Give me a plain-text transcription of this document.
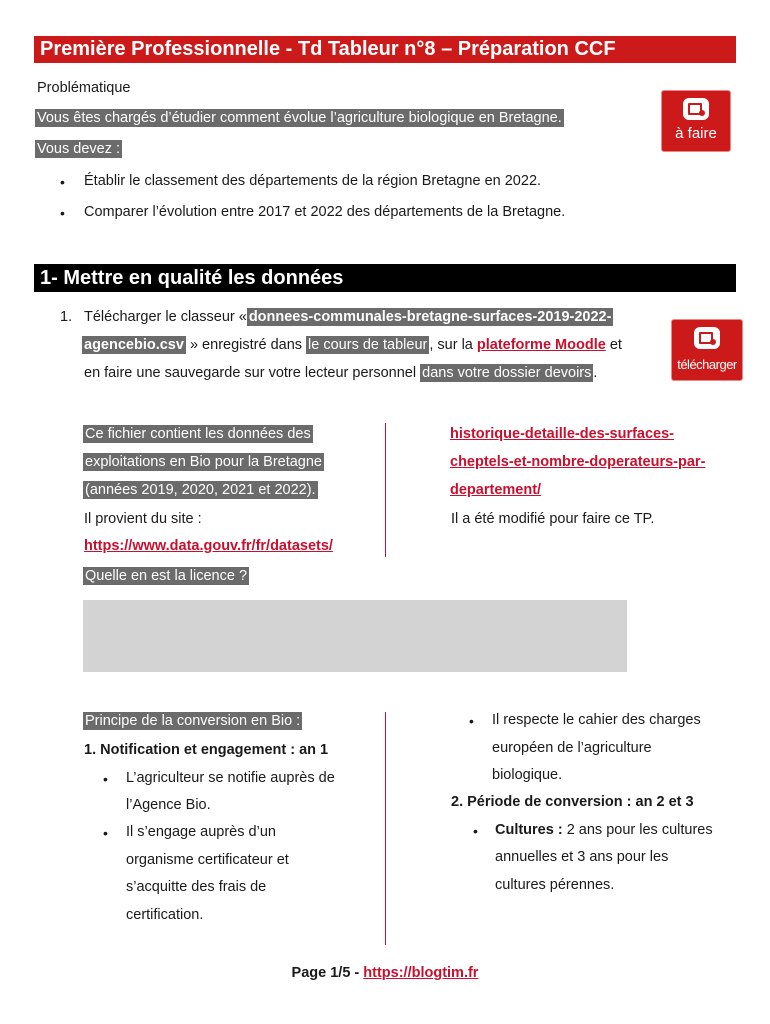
Première Professionnelle - Td Tableur n°8 – Préparation CCF
Problématique
Vous êtes chargés d’étudier comment évolue l’agriculture biologique en Bretagne.
Vous devez :
• Établir le classement des départements de la région Bretagne en 2022.
• Comparer l’évolution entre 2017 et 2022 des départements de la Bretagne.
à faire
1- Mettre en qualité les données
1. Télécharger le classeur « donnees-communales-bretagne-surfaces-2019-2022-
agencebio.csv » enregistré dans le cours de tableur , sur la plateforme Moodle et
en faire une sauvegarde sur votre lecteur personnel dans votre dossier devoirs .
télécharger
Ce fichier contient les données des
exploitations en Bio pour la Bretagne
(années 2019, 2020, 2021 et 2022).
Il provient du site :
https://www.data.gouv.fr/fr/datasets/
historique-detaille-des-surfaces-
cheptels-et-nombre-doperateurs-par-
departement/
Il a été modifié pour faire ce TP.
Quelle en est la licence ?
Principe de la conversion en Bio :
1. Notification et engagement : an 1
• L’agriculteur se notifie auprès de
l’Agence Bio.
• Il s’engage auprès d’un
organisme certificateur et
s’acquitte des frais de
certification.
• Il respecte le cahier des charges
européen de l’agriculture
biologique.
2. Période de conversion : an 2 et 3
• Cultures : 2 ans pour les cultures
annuelles et 3 ans pour les
cultures pérennes.
Page 1/5 - https://blogtim.fr
